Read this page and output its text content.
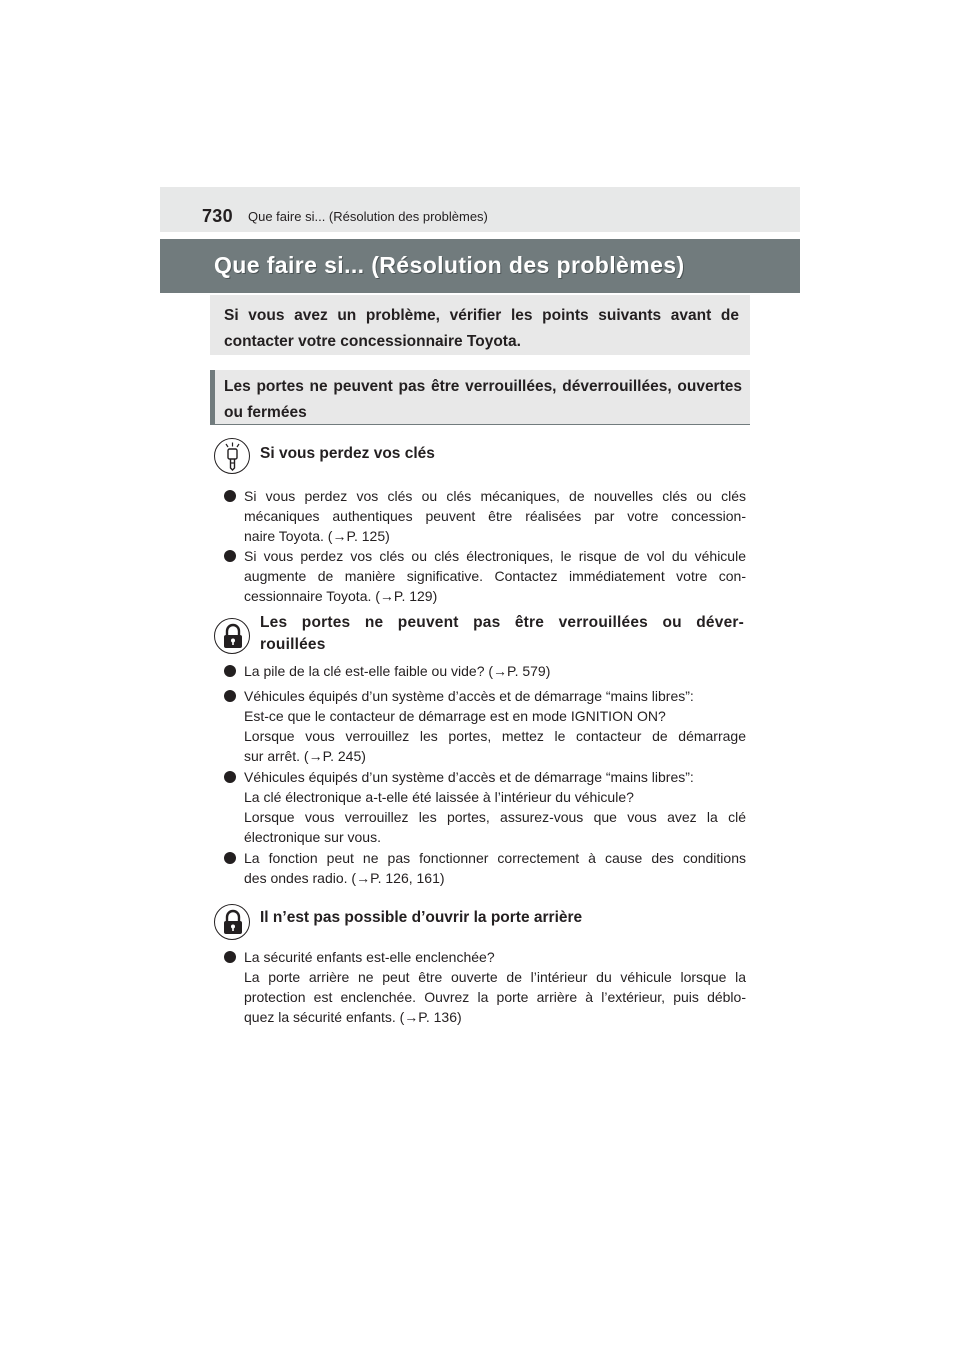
730 Que faire si... (Résolution des problèmes)
Que faire si... (Résolution des problèmes)
Si vous avez un problème, vérifier les points suivants avant de contacter votre concessionnaire Toyota.
Les portes ne peuvent pas être verrouillées, déverrouillées, ouvertes ou fermées
Si vous perdez vos clés
Si vous perdez vos clés ou clés mécaniques, de nouvelles clés ou clés
mécaniques authentiques peuvent être réalisées par votre concession-
naire Toyota. (→P. 125)
Si vous perdez vos clés ou clés électroniques, le risque de vol du véhicule
augmente de manière significative. Contactez immédiatement votre con-
cessionnaire Toyota. (→P. 129)
Les portes ne peuvent pas être verrouillées ou déver-
rouillées
La pile de la clé est-elle faible ou vide? (→P. 579)
Véhicules équipés d’un système d’accès et de démarrage “mains libres”:
Est-ce que le contacteur de démarrage est en mode IGNITION ON?
Lorsque vous verrouillez les portes, mettez le contacteur de démarrage
sur arrêt. (→P. 245)
Véhicules équipés d’un système d’accès et de démarrage “mains libres”:
La clé électronique a-t-elle été laissée à l’intérieur du véhicule?
Lorsque vous verrouillez les portes, assurez-vous que vous avez la clé
électronique sur vous.
La fonction peut ne pas fonctionner correctement à cause des conditions
des ondes radio. (→P. 126, 161)
Il n’est pas possible d’ouvrir la porte arrière
La sécurité enfants est-elle enclenchée?
La porte arrière ne peut être ouverte de l’intérieur du véhicule lorsque la
protection est enclenchée. Ouvrez la porte arrière à l’extérieur, puis déblo-
quez la sécurité enfants. (→P. 136)
